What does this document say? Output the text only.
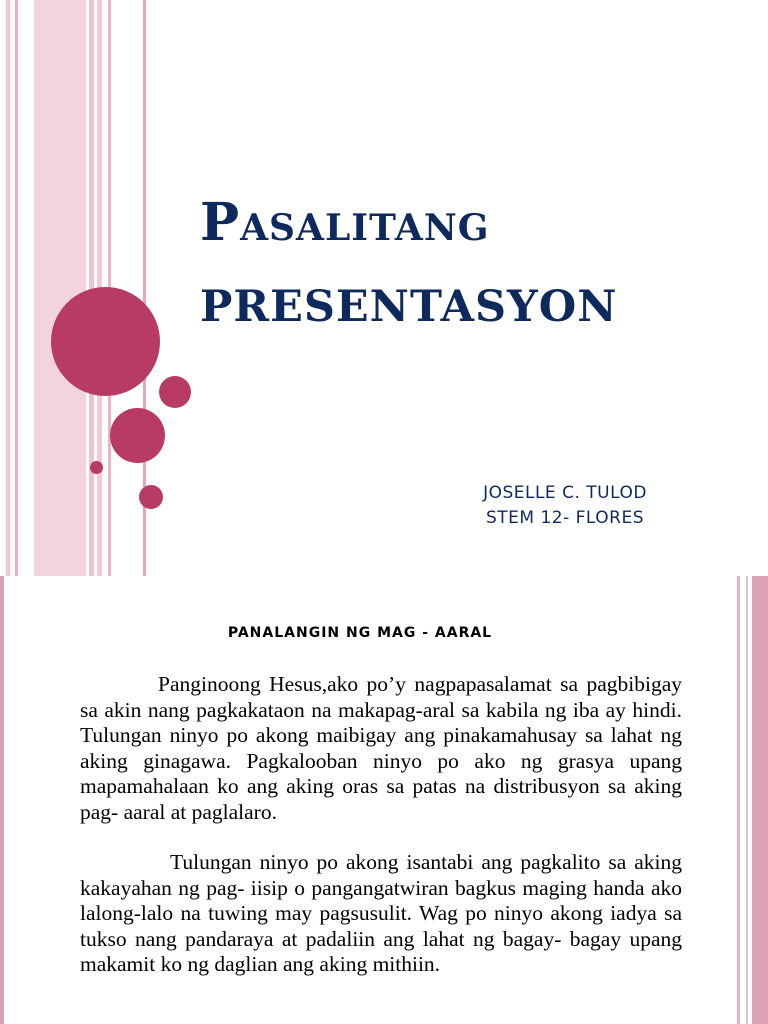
Pasalitang
PRESENTASYON
JOSELLE C. TULOD
STEM 12- FLORES
PANALANGIN NG MAG - AARAL

Panginoong Hesus,ako po’y nagpapasalamat sa pagbibigay sa akin nang pagkakataon na makapag-aral sa kabila ng iba ay hindi. Tulungan ninyo po akong maibigay ang pinakamahusay sa lahat ng aking ginagawa. Pagkalooban ninyo po ako ng grasya upang mapamahalaan ko ang aking oras sa patas na distribusyon sa aking pag- aaral at paglalaro.

Tulungan ninyo po akong isantabi ang pagkalito sa aking kakayahan ng pag- iisip o pangangatwiran bagkus maging handa ako lalong-lalo na tuwing may pagsusulit. Wag po ninyo akong iadya sa tukso nang pandaraya at padaliin ang lahat ng bagay- bagay upang makamit ko ng daglian ang aking mithiin.
